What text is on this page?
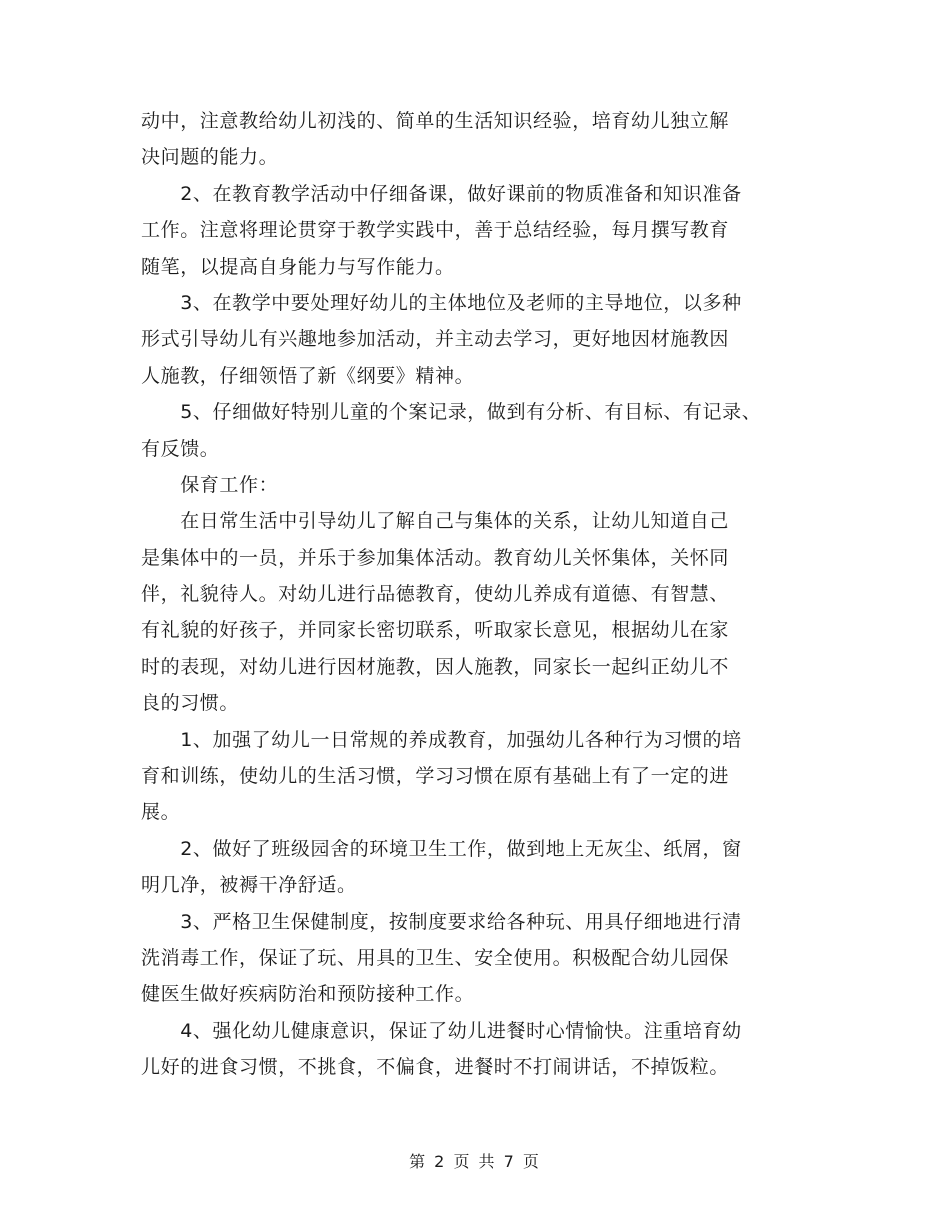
动中，注意教给幼儿初浅的、简单的生活知识经验，培育幼儿独立解
决问题的能力。
　　2、在教育教学活动中仔细备课，做好课前的物质准备和知识准备
工作。注意将理论贯穿于教学实践中，善于总结经验，每月撰写教育
随笔，以提高自身能力与写作能力。
　　3、在教学中要处理好幼儿的主体地位及老师的主导地位，以多种
形式引导幼儿有兴趣地参加活动，并主动去学习，更好地因材施教因
人施教，仔细领悟了新《纲要》精神。
　　5、仔细做好特别儿童的个案记录，做到有分析、有目标、有记录、
有反馈。
　　保育工作：
　　在日常生活中引导幼儿了解自己与集体的关系，让幼儿知道自己
是集体中的一员，并乐于参加集体活动。教育幼儿关怀集体，关怀同
伴，礼貌待人。对幼儿进行品德教育，使幼儿养成有道德、有智慧、
有礼貌的好孩子，并同家长密切联系，听取家长意见，根据幼儿在家
时的表现，对幼儿进行因材施教，因人施教，同家长一起纠正幼儿不
良的习惯。
　　1、加强了幼儿一日常规的养成教育，加强幼儿各种行为习惯的培
育和训练，使幼儿的生活习惯，学习习惯在原有基础上有了一定的进
展。
　　2、做好了班级园舍的环境卫生工作，做到地上无灰尘、纸屑，窗
明几净，被褥干净舒适。
　　3、严格卫生保健制度，按制度要求给各种玩、用具仔细地进行清
洗消毒工作，保证了玩、用具的卫生、安全使用。积极配合幼儿园保
健医生做好疾病防治和预防接种工作。
　　4、强化幼儿健康意识，保证了幼儿进餐时心情愉快。注重培育幼
儿好的进食习惯，不挑食，不偏食，进餐时不打闹讲话，不掉饭粒。
第 2 页 共 7 页
